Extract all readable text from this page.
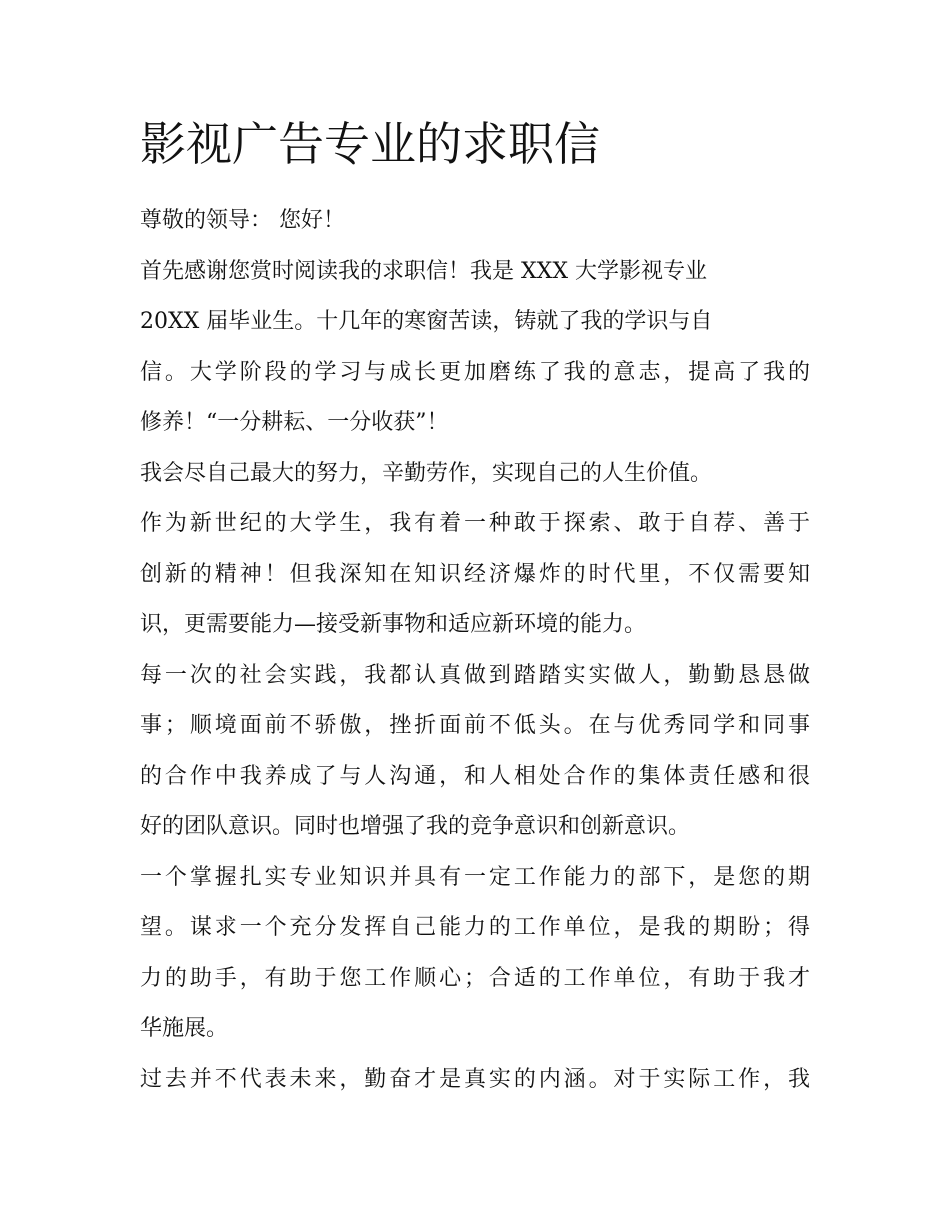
影视广告专业的求职信
尊敬的领导： 您好！
首先感谢您赏时阅读我的求职信！我是 XXX 大学影视专业
20XX 届毕业生。十几年的寒窗苦读，铸就了我的学识与自
信。大学阶段的学习与成长更加磨练了我的意志，提高了我的
修养！“一分耕耘、一分收获”！
我会尽自己最大的努力，辛勤劳作，实现自己的人生价值。
作为新世纪的大学生，我有着一种敢于探索、敢于自荐、善于
创新的精神！但我深知在知识经济爆炸的时代里，不仅需要知
识，更需要能力—接受新事物和适应新环境的能力。
每一次的社会实践，我都认真做到踏踏实实做人，勤勤恳恳做
事；顺境面前不骄傲，挫折面前不低头。在与优秀同学和同事
的合作中我养成了与人沟通，和人相处合作的集体责任感和很
好的团队意识。同时也增强了我的竞争意识和创新意识。
一个掌握扎实专业知识并具有一定工作能力的部下，是您的期
望。谋求一个充分发挥自己能力的工作单位，是我的期盼；得
力的助手，有助于您工作顺心；合适的工作单位，有助于我才
华施展。
过去并不代表未来，勤奋才是真实的内涵。对于实际工作，我
